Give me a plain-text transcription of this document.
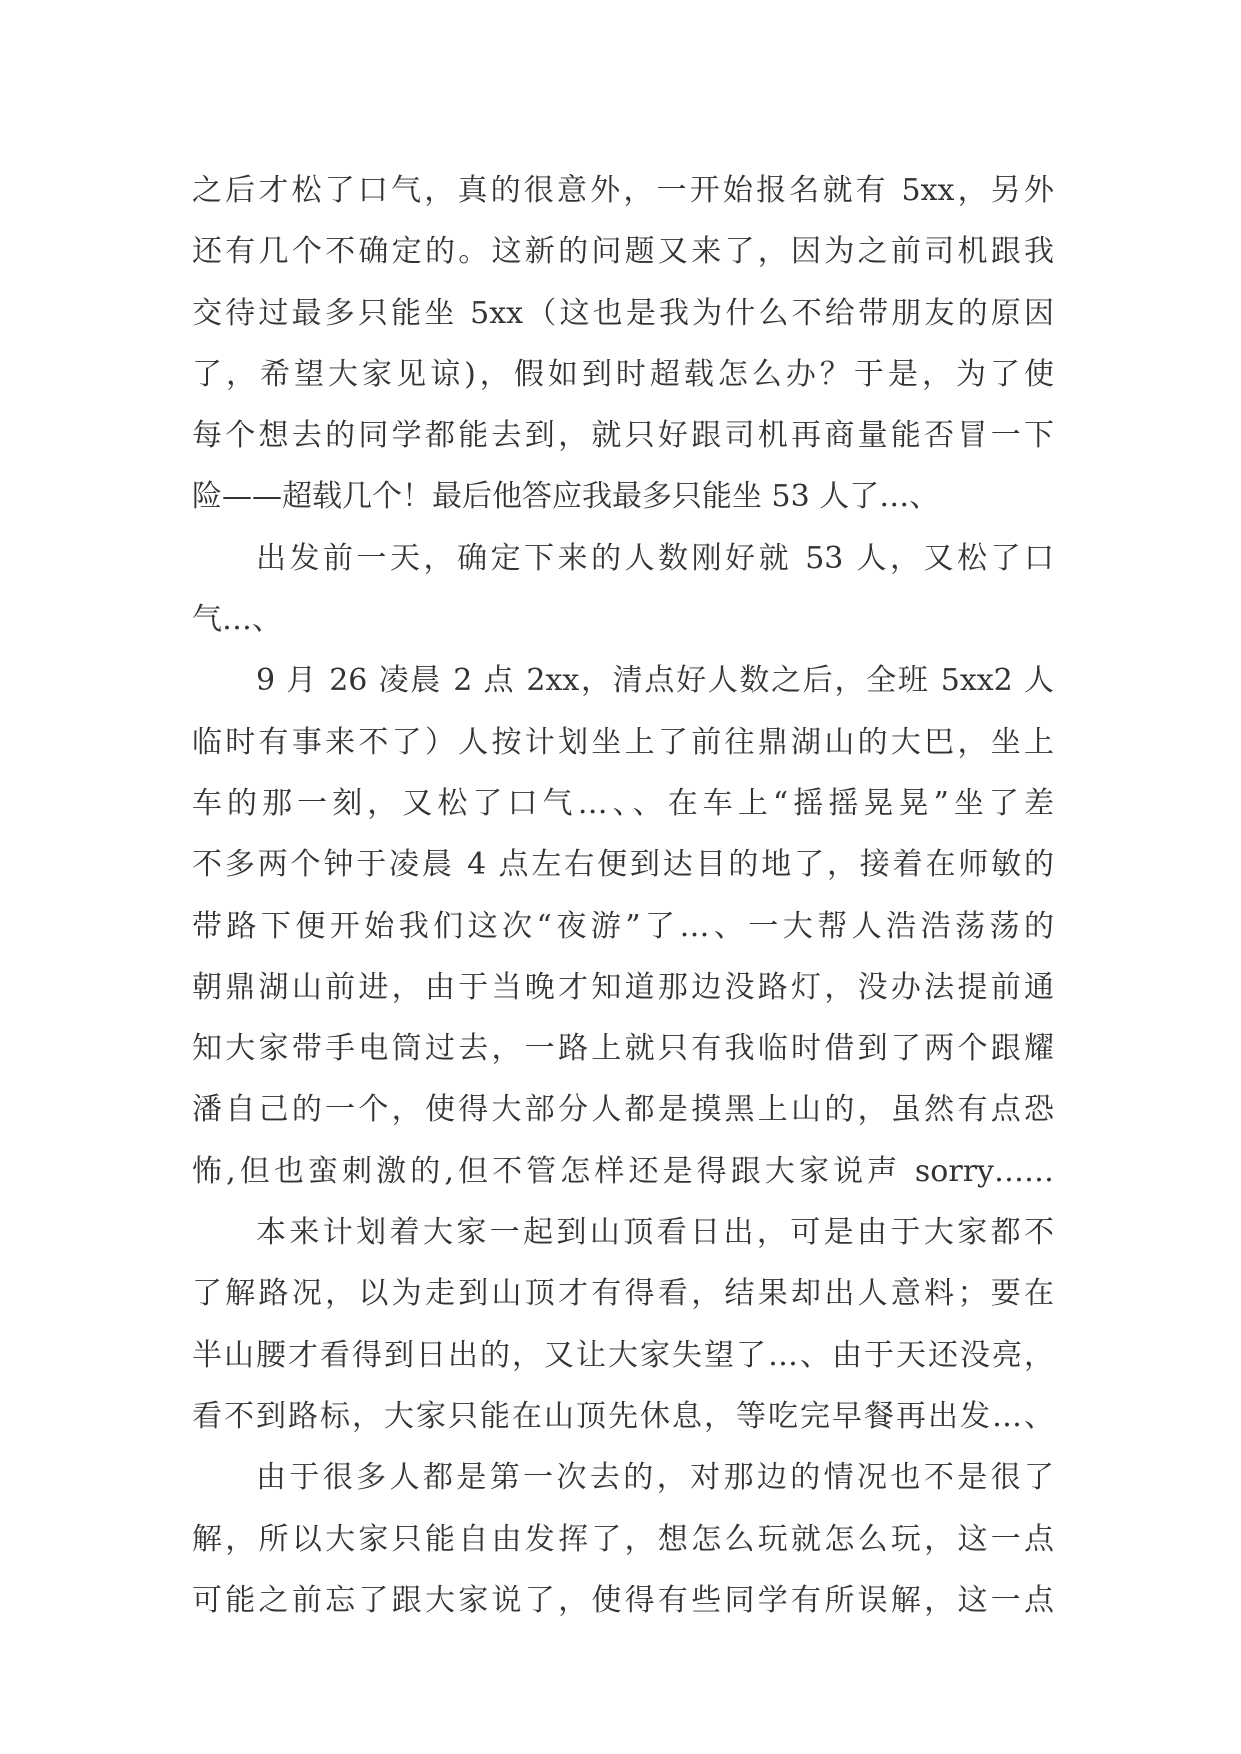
之后才松了口气，真的很意外，一开始报名就有 5xx，另外
还有几个不确定的。这新的问题又来了，因为之前司机跟我
交待过最多只能坐 5xx（这也是我为什么不给带朋友的原因
了，希望大家见谅)，假如到时超载怎么办？于是，为了使
每个想去的同学都能去到，就只好跟司机再商量能否冒一下
险——超载几个！最后他答应我最多只能坐 53 人了…、
出发前一天，确定下来的人数刚好就 53 人，又松了口
气…、
9 月 26 凌晨 2 点 2xx，清点好人数之后，全班 5xx2 人
临时有事来不了）人按计划坐上了前往鼎湖山的大巴，坐上
车的那一刻，又松了口气…、、在车上“摇摇晃晃”坐了差
不多两个钟于凌晨 4 点左右便到达目的地了，接着在师敏的
带路下便开始我们这次“夜游”了…、一大帮人浩浩荡荡的
朝鼎湖山前进，由于当晚才知道那边没路灯，没办法提前通
知大家带手电筒过去，一路上就只有我临时借到了两个跟耀
潘自己的一个，使得大部分人都是摸黑上山的，虽然有点恐
怖,但也蛮刺激的,但不管怎样还是得跟大家说声 sorry……
本来计划着大家一起到山顶看日出，可是由于大家都不
了解路况，以为走到山顶才有得看，结果却出人意料；要在
半山腰才看得到日出的，又让大家失望了…、由于天还没亮，
看不到路标，大家只能在山顶先休息，等吃完早餐再出发…、
由于很多人都是第一次去的，对那边的情况也不是很了
解，所以大家只能自由发挥了，想怎么玩就怎么玩，这一点
可能之前忘了跟大家说了，使得有些同学有所误解，这一点
